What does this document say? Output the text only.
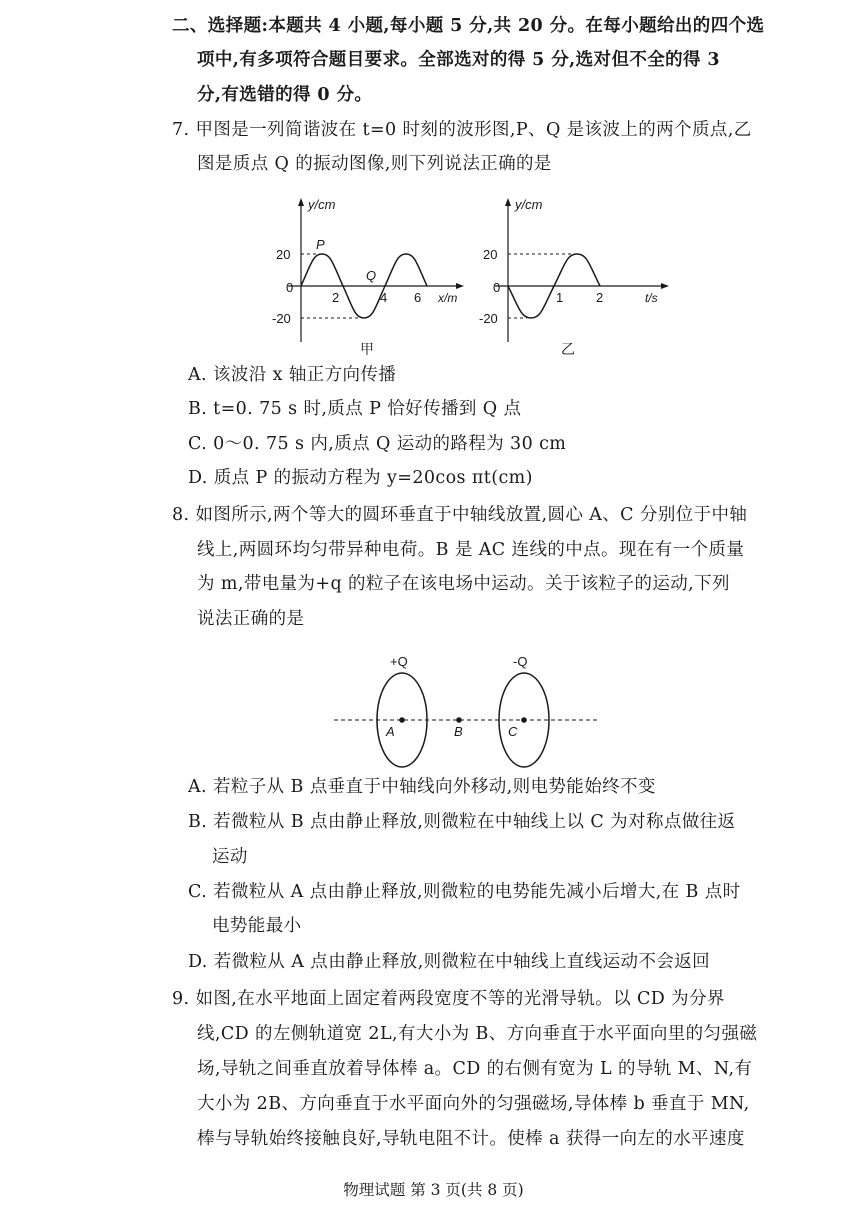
二、选择题:本题共 4 小题,每小题 5 分,共 20 分。在每小题给出的四个选
项中,有多项符合题目要求。全部选对的得 5 分,选对但不全的得 3
分,有选错的得 0 分。
7. 甲图是一列简谐波在 t=0 时刻的波形图,P、Q 是该波上的两个质点,乙
图是质点 Q 的振动图像,则下列说法正确的是
y/cm
20
0
-20
2	4 6 x/m
P
Q
甲
y/cm
20
0
-20
1	2	t/s
乙
A. 该波沿 x 轴正方向传播
B. t=0. 75 s 时,质点 P 恰好传播到 Q 点
C. 0～0. 75 s 内,质点 Q 运动的路程为 30 cm
D. 质点 P 的振动方程为 y=20cos πt(cm)
8. 如图所示,两个等大的圆环垂直于中轴线放置,圆心 A、C 分别位于中轴
线上,两圆环均匀带异种电荷。B 是 AC 连线的中点。现在有一个质量
为 m,带电量为+q 的粒子在该电场中运动。关于该粒子的运动,下列
说法正确的是
+Q	-Q
A	B	C
A. 若粒子从 B 点垂直于中轴线向外移动,则电势能始终不变
B. 若微粒从 B 点由静止释放,则微粒在中轴线上以 C 为对称点做往返
运动
C. 若微粒从 A 点由静止释放,则微粒的电势能先减小后增大,在 B 点时
电势能最小
D. 若微粒从 A 点由静止释放,则微粒在中轴线上直线运动不会返回
9. 如图,在水平地面上固定着两段宽度不等的光滑导轨。以 CD 为分界
线,CD 的左侧轨道宽 2L,有大小为 B、方向垂直于水平面向里的匀强磁
场,导轨之间垂直放着导体棒 a。CD 的右侧有宽为 L 的导轨 M、N,有
大小为 2B、方向垂直于水平面向外的匀强磁场,导体棒 b 垂直于 MN,
棒与导轨始终接触良好,导轨电阻不计。使棒 a 获得一向左的水平速度
物理试题 第 3 页(共 8 页)
